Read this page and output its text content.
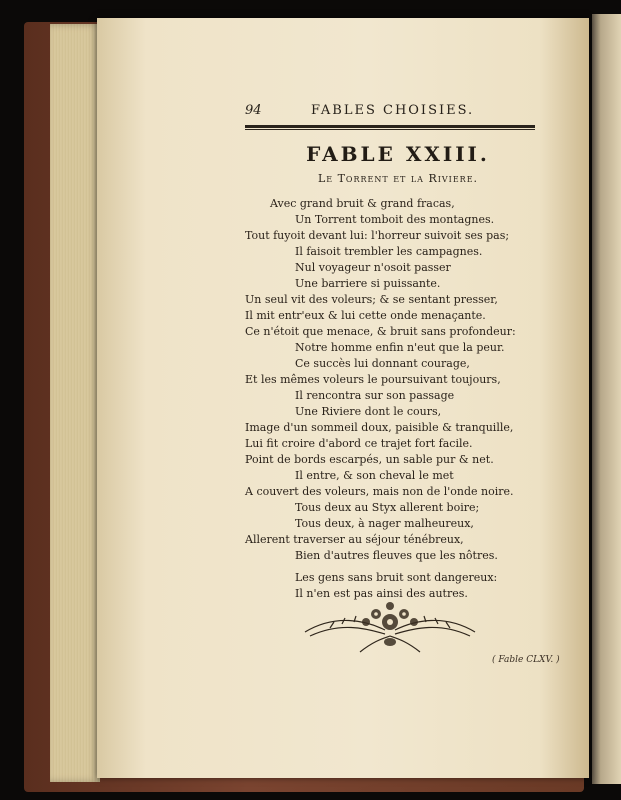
94	FABLES CHOISIES.
FABLE XXIII.
Le Torrent et la Riviere.
Avec grand bruit & grand fracas,
Un Torrent tomboit des montagnes.
Tout fuyoit devant lui: l'horreur suivoit ses pas;
Il faisoit trembler les campagnes.
Nul voyageur n'osoit passer
Une barriere si puissante.
Un seul vit des voleurs; & se sentant presser,
Il mit entr'eux & lui cette onde menaçante.
Ce n'étoit que menace, & bruit sans profondeur:
Notre homme enfin n'eut que la peur.
Ce succès lui donnant courage,
Et les mêmes voleurs le poursuivant toujours,
Il rencontra sur son passage
Une Riviere dont le cours,
Image d'un sommeil doux, paisible & tranquille,
Lui fit croire d'abord ce trajet fort facile.
Point de bords escarpés, un sable pur & net.
Il entre, & son cheval le met
A couvert des voleurs, mais non de l'onde noire.
Tous deux au Styx allerent boire;
Tous deux, à nager malheureux,
Allerent traverser au séjour ténébreux,
Bien d'autres fleuves que les nôtres.
Les gens sans bruit sont dangereux:
Il n'en est pas ainsi des autres.
( Fable CLXV. )
